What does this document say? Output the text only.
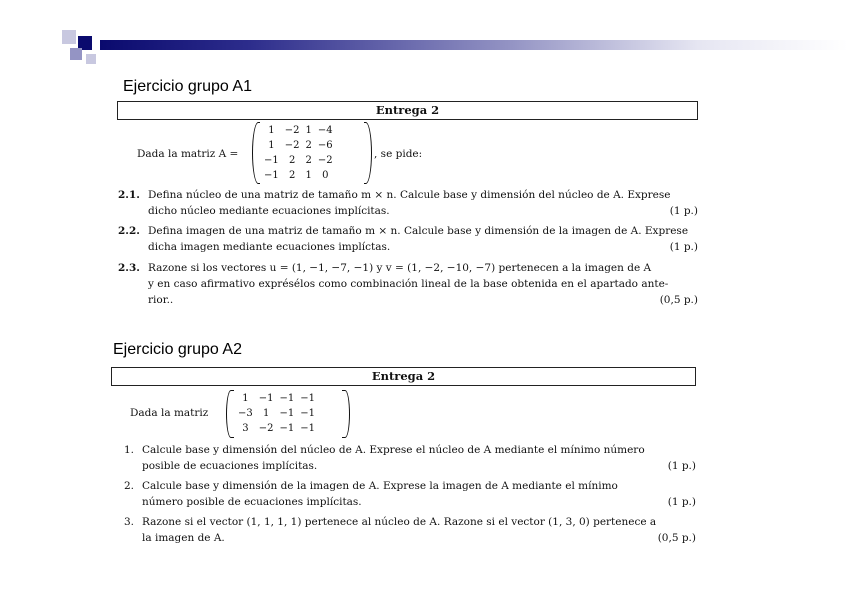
Ejercicio grupo A1
Entrega 2
Dada la matriz A =
1	−2	1	−4
1	−2	2	−6
−1	2	2	−2
−1	2	1	0
, se pide:
2.1. Defina núcleo de una matriz de tamaño m × n. Calcule base y dimensión del núcleo de A. Exprese
dicho núcleo mediante ecuaciones implícitas.	(1 p.)
2.2. Defina imagen de una matriz de tamaño m × n. Calcule base y dimensión de la imagen de A. Exprese
dicha imagen mediante ecuaciones implíctas.	(1 p.)
2.3. Razone si los vectores u = (1, −1, −7, −1) y v = (1, −2, −10, −7) pertenecen a la imagen de A
y en caso afirmativo exprésélos como combinación lineal de la base obtenida en el apartado ante-
rior..	(0,5 p.)
Ejercicio grupo A2
Entrega 2
Dada la matriz
1	−1	−1	−1
−3	1	−1	−1
3	−2	−1	−1
1. Calcule base y dimensión del núcleo de A. Exprese el núcleo de A mediante el mínimo número
posible de ecuaciones implícitas.	(1 p.)
2. Calcule base y dimensión de la imagen de A. Exprese la imagen de A mediante el mínimo
número posible de ecuaciones implícitas.	(1 p.)
3. Razone si el vector (1, 1, 1, 1) pertenece al núcleo de A. Razone si el vector (1, 3, 0) pertenece a
la imagen de A.	(0,5 p.)
